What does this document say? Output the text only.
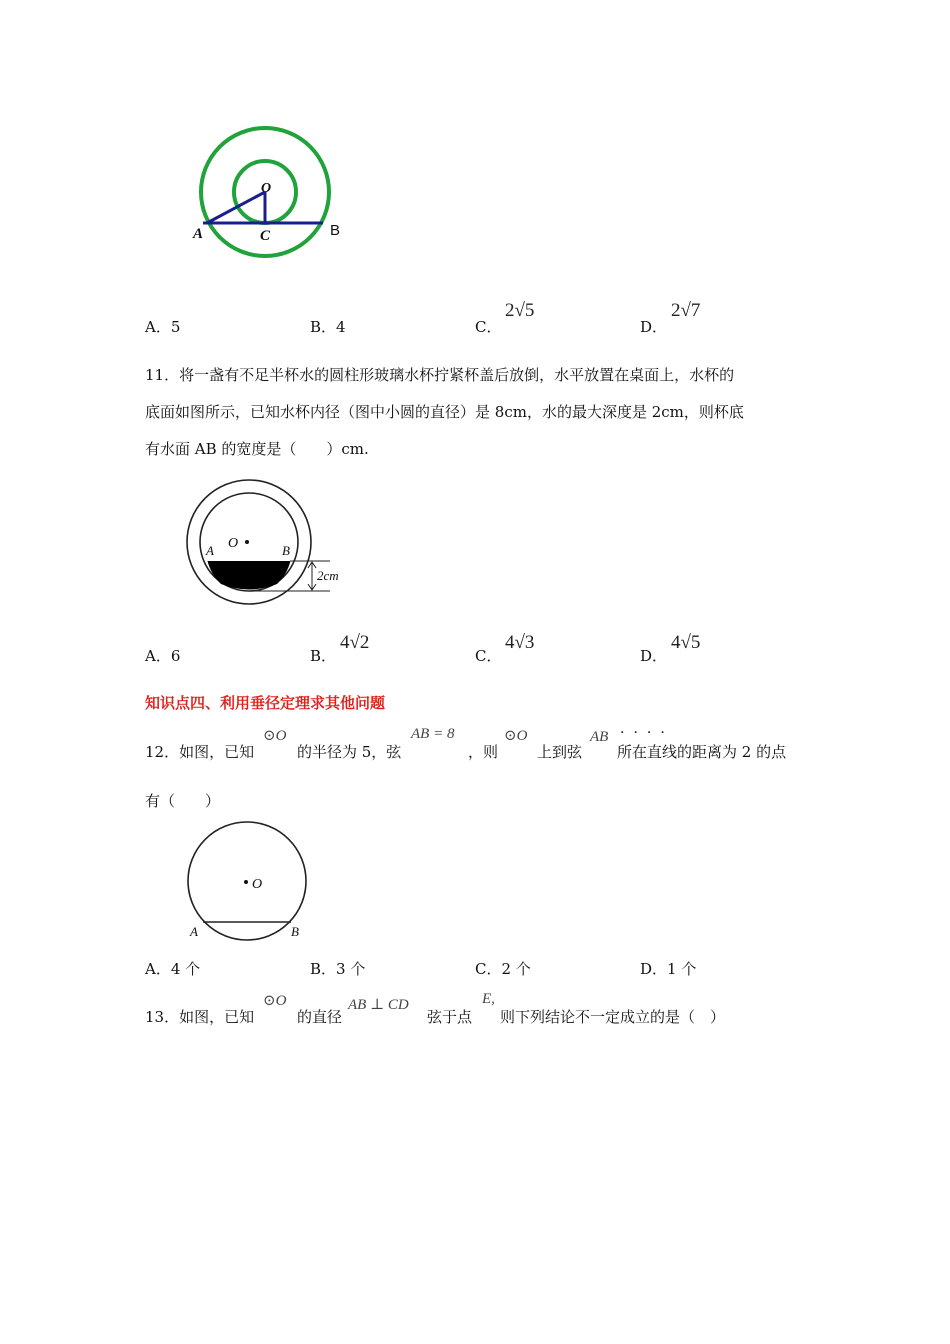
O
A	C	B
A．5	B．4	C．
2√5
D．
2√7
11．将一盏有不足半杯水的圆柱形玻璃水杯拧紧杯盖后放倒，水平放置在桌面上，水杯的
底面如图所示，已知水杯内径（图中小圆的直径）是 8cm，水的最大深度是 2cm，则杯底
有水面 AB 的宽度是（　　）cm.
O
A	B
2cm
A．6	B．
4√2
C．
4√3
D．
4√5
知识点四、利用垂径定理求其他问题
12．如图，已知
⊙O
的半径为 5，弦
AB = 8
，则
⊙O
上到弦
AB ····
所在直线的距离为 2 的点
有（　　）
O
A	B
A．4 个	B．3 个	C．2 个	D．1 个
13．如图，已知
⊙O
的直径
AB ⊥ CD
弦于点
E,
则下列结论不一定成立的是（　）
